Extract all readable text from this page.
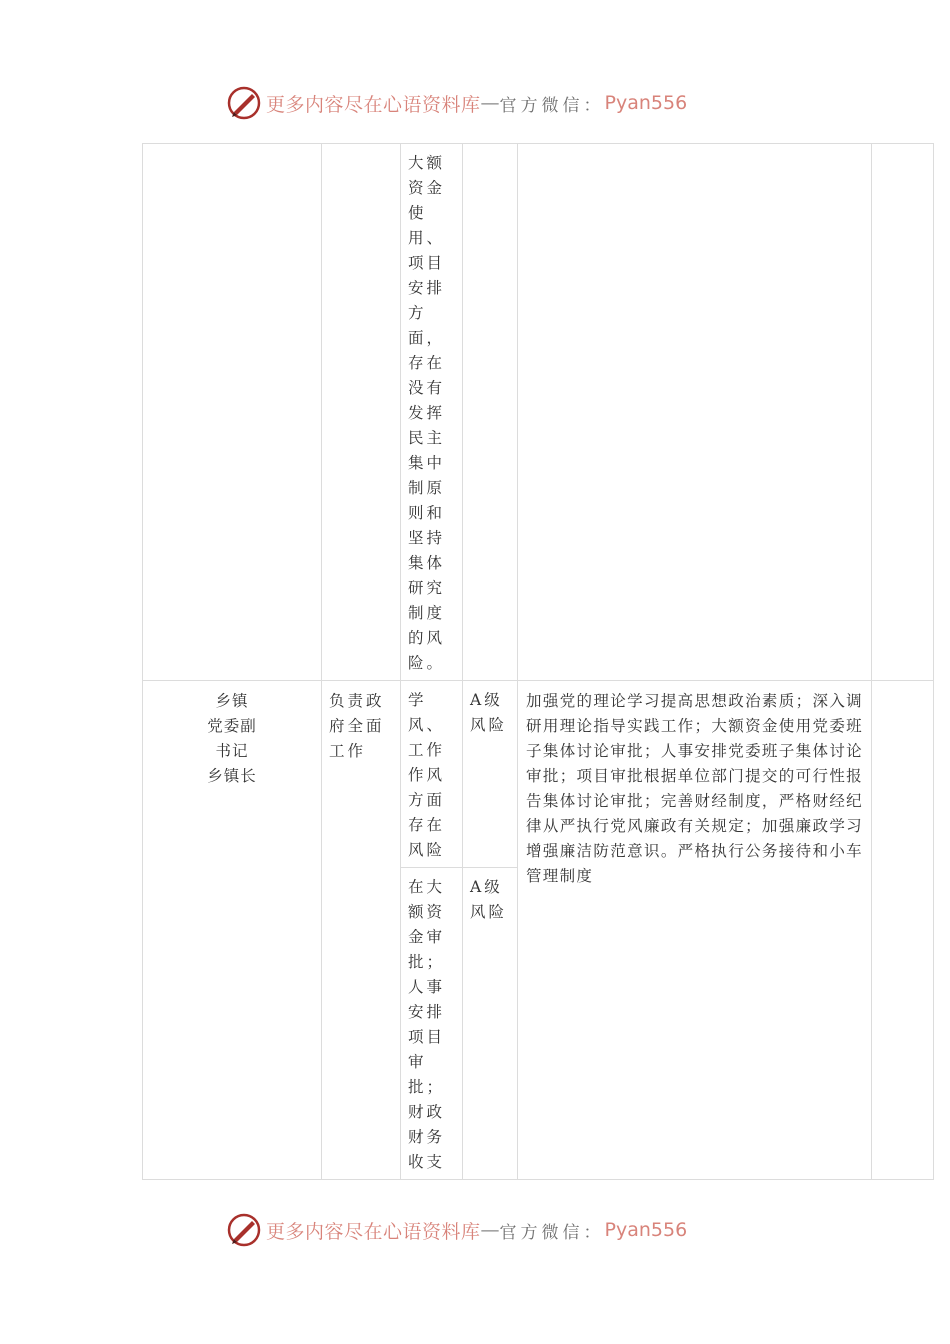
更多内容尽在心语资料库 — 官方微信： Pyan556
大额
资金
使
用、
项目
安排
方
面，
存在
没有
发挥
民主
集中
制原
则和
坚持
集体
研究
制度
的风
险。
乡镇
党委副
书记
乡镇长
负责政
府全面
工作
学
风、
工作
作风
方面
存在
风险
A级
风险
在大
额资
金审
批；
人事
安排
项目
审
批；
财政
财务
收支
A级
风险
加强党的理论学习提高思想政治素质；深入调研用理论指导实践工作；大额资金使用党委班子集体讨论审批；人事安排党委班子集体讨论审批；项目审批根据单位部门提交的可行性报告集体讨论审批；完善财经制度，严格财经纪律从严执行党风廉政有关规定；加强廉政学习增强廉洁防范意识。严格执行公务接待和小车管理制度
更多内容尽在心语资料库 — 官方微信： Pyan556
